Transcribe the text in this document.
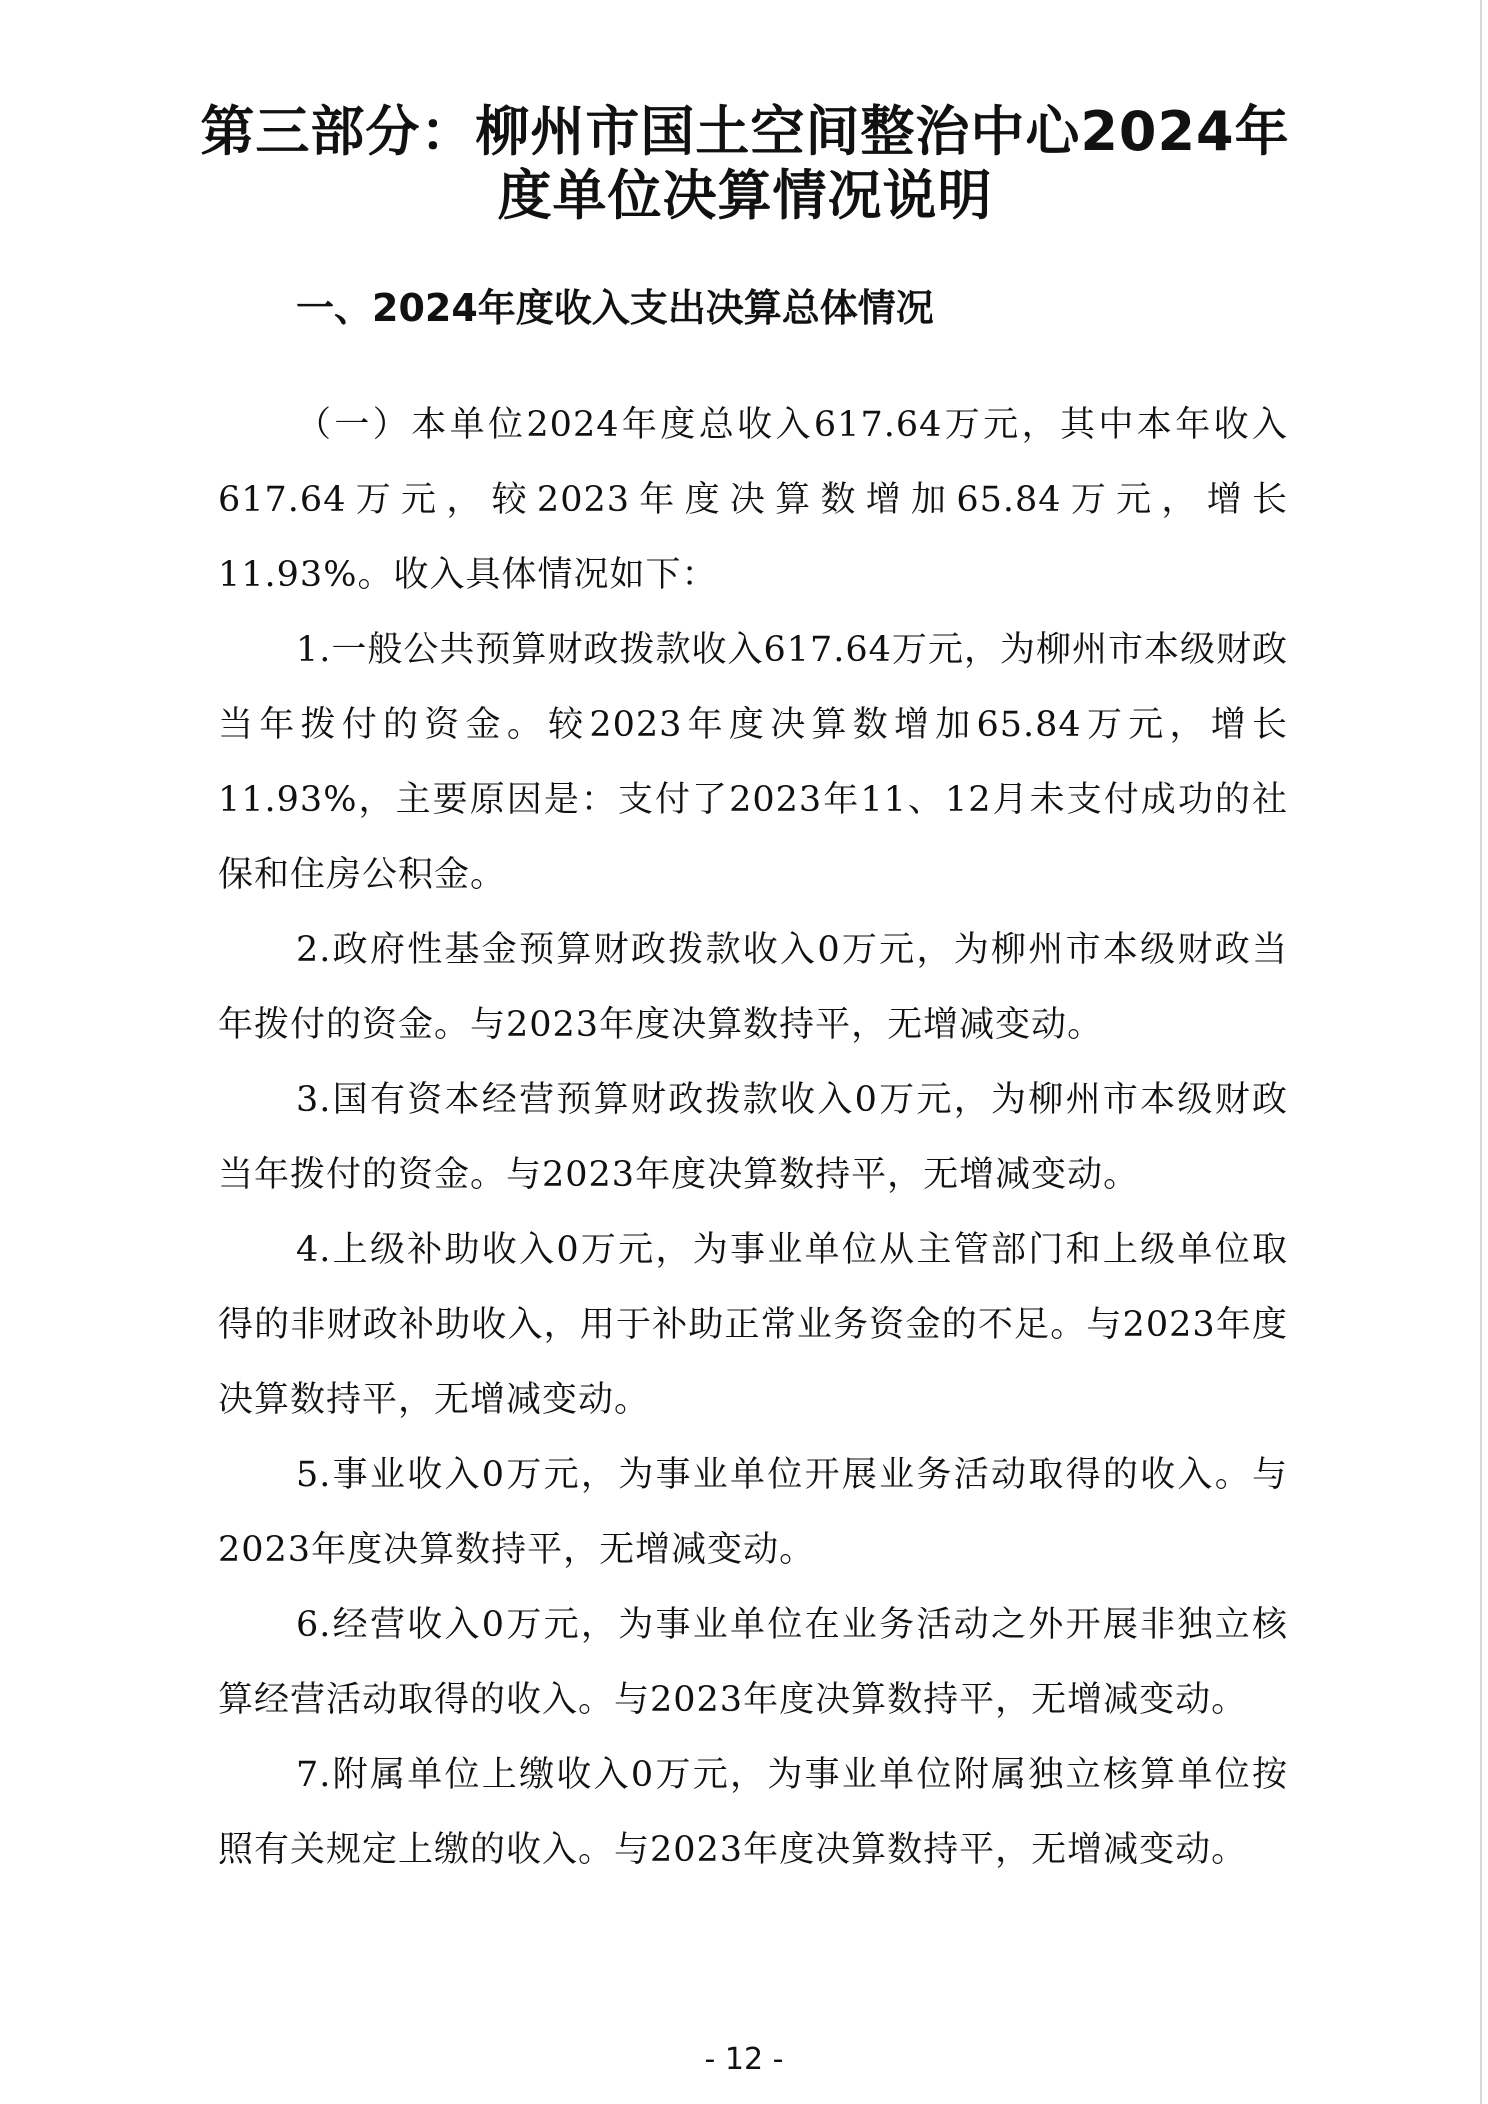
第三部分：柳州市国土空间整治中心2024年
度单位决算情况说明
一、2024年度收入支出决算总体情况

（一）本单位2024年度总收入617.64万元，其中本年收入617.64万元，较2023年度决算数增加65.84万元，增长11.93%。收入具体情况如下：

1.一般公共预算财政拨款收入617.64万元，为柳州市本级财政当年拨付的资金。较2023年度决算数增加65.84万元，增长11.93%，主要原因是：支付了2023年11、12月未支付成功的社保和住房公积金。

2.政府性基金预算财政拨款收入0万元，为柳州市本级财政当年拨付的资金。与2023年度决算数持平，无增减变动。

3.国有资本经营预算财政拨款收入0万元，为柳州市本级财政当年拨付的资金。与2023年度决算数持平，无增减变动。

4.上级补助收入0万元，为事业单位从主管部门和上级单位取得的非财政补助收入，用于补助正常业务资金的不足。与2023年度决算数持平，无增减变动。

5.事业收入0万元，为事业单位开展业务活动取得的收入。与2023年度决算数持平，无增减变动。

6.经营收入0万元，为事业单位在业务活动之外开展非独立核算经营活动取得的收入。与2023年度决算数持平，无增减变动。

7.附属单位上缴收入0万元，为事业单位附属独立核算单位按照有关规定上缴的收入。与2023年度决算数持平，无增减变动。

- 12 -
